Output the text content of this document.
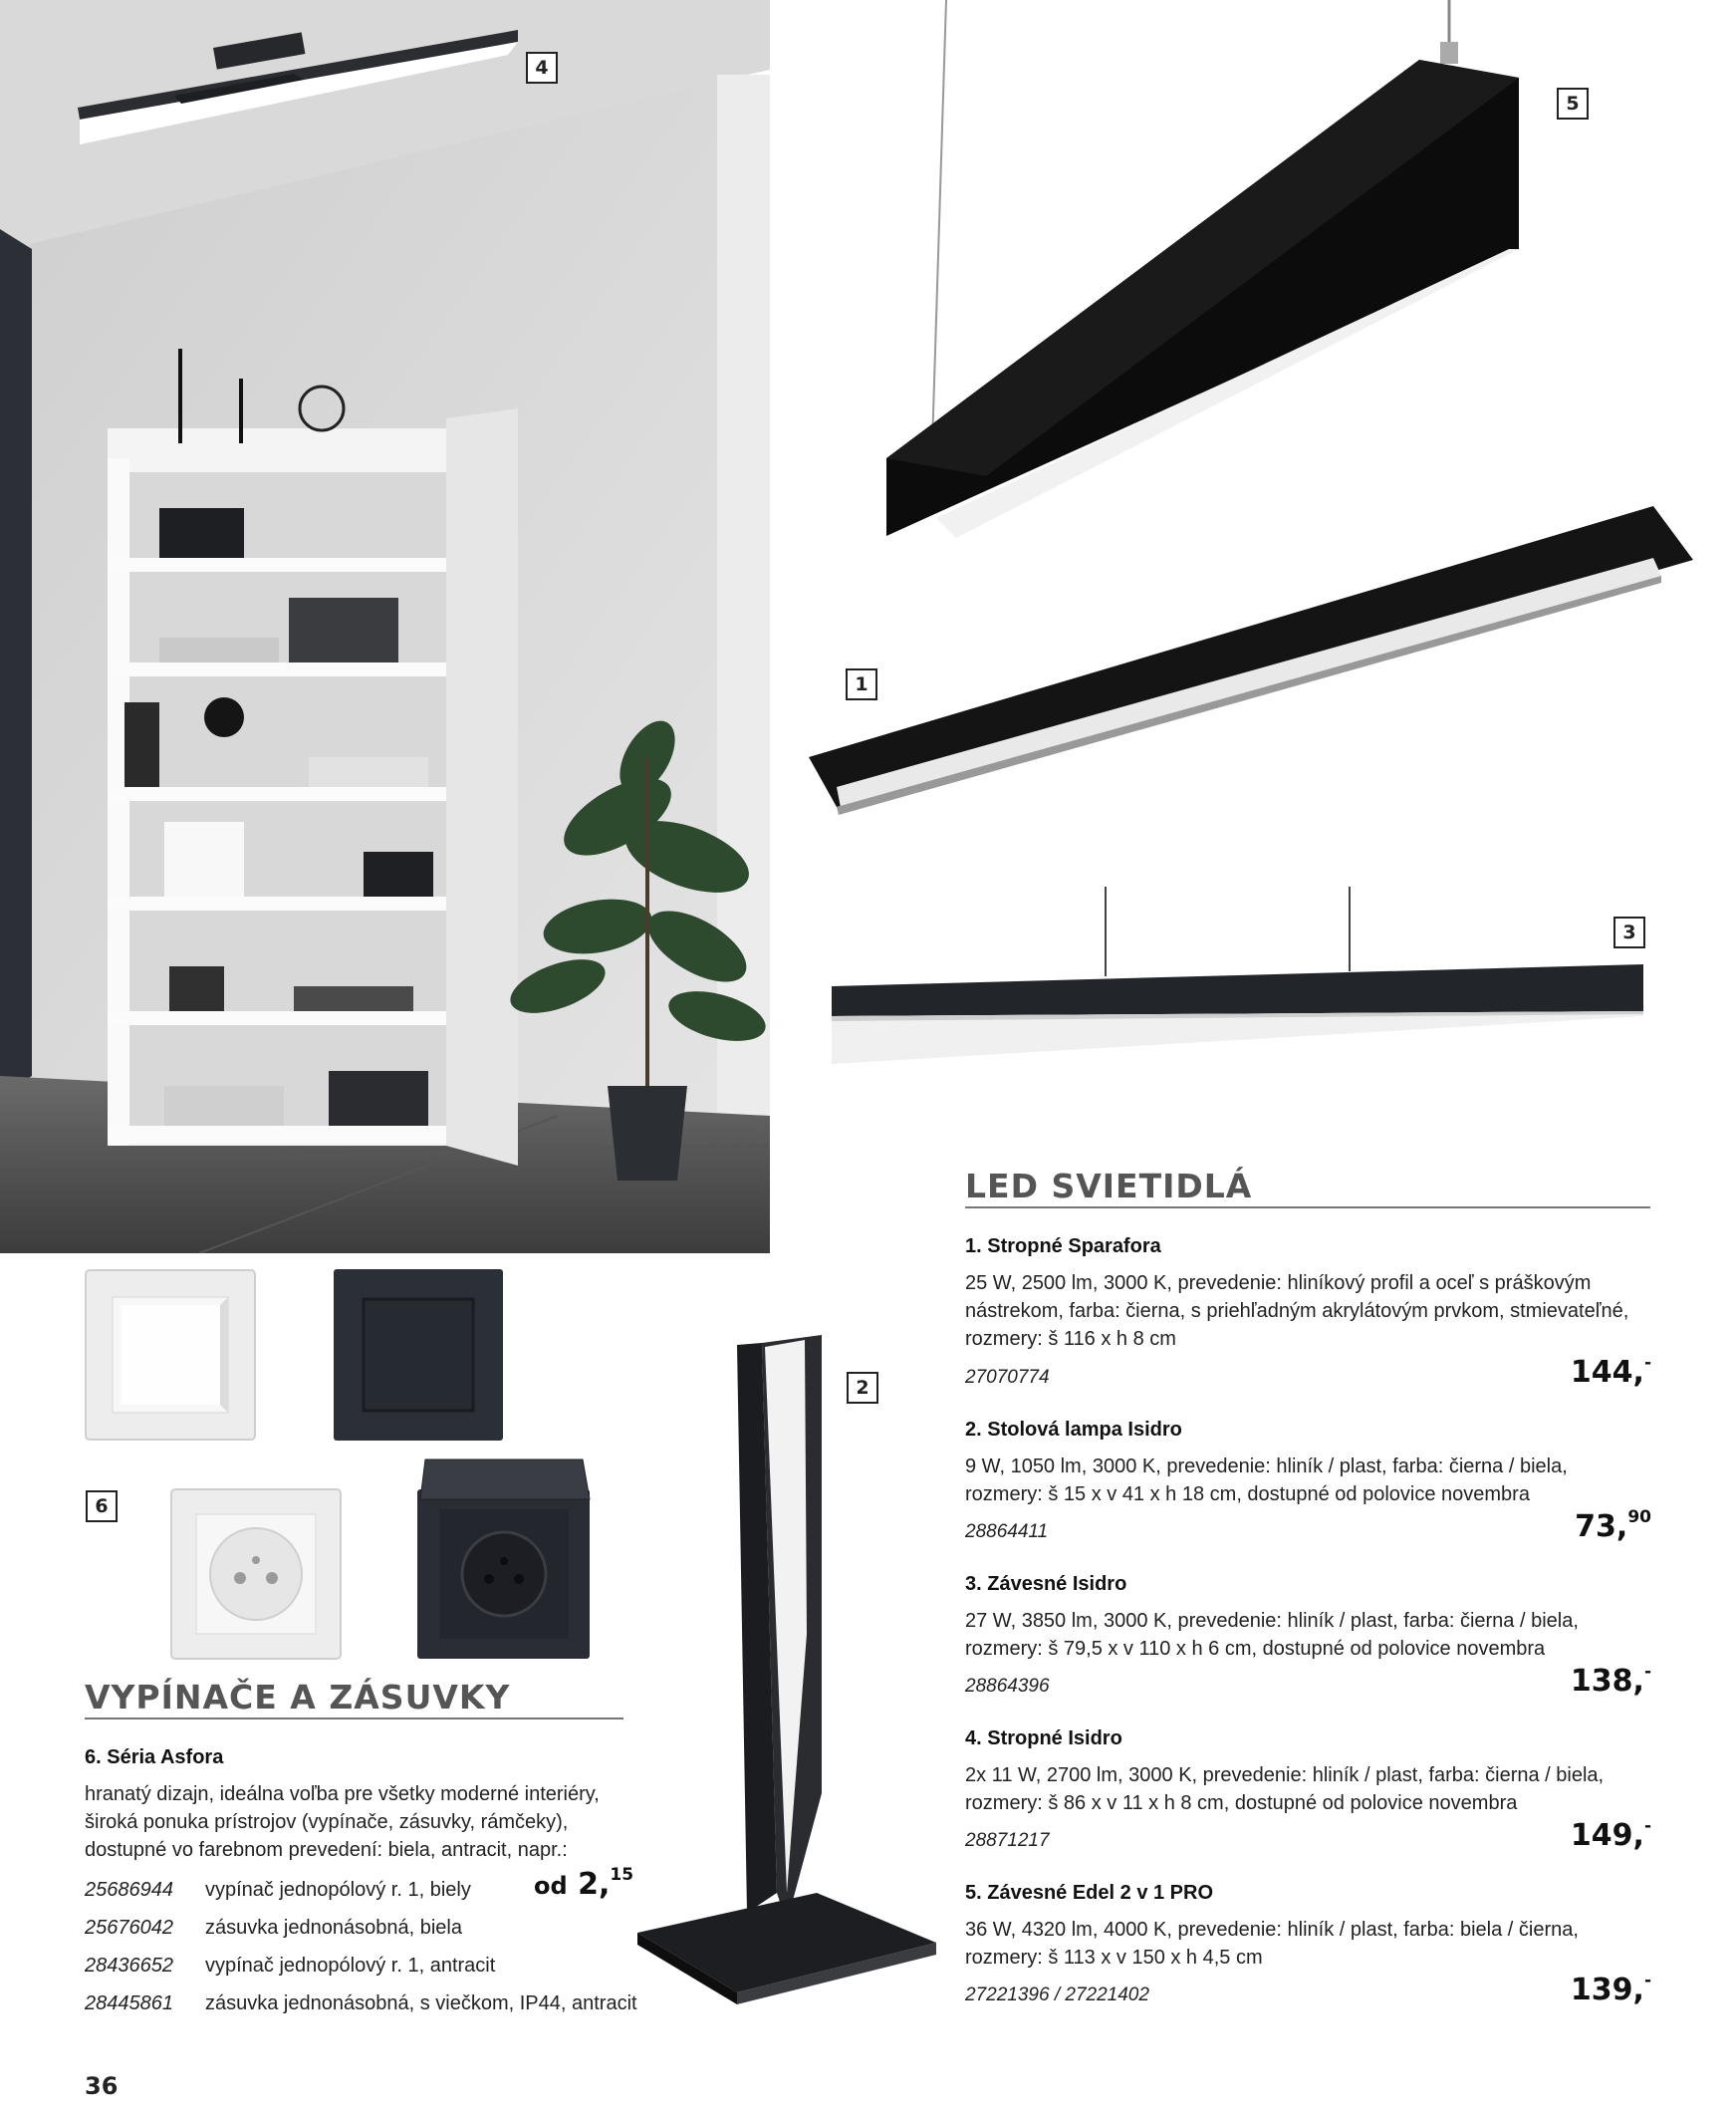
4
5
1
3
2
6
LED SVIETIDLÁ
1. Stropné Sparafora
25 W, 2500 lm, 3000 K, prevedenie: hliníkový profil a oceľ s práškovým
nástrekom, farba: čierna, s priehľadným akrylátovým prvkom, stmievateľné,
rozmery: š 116 x h 8 cm
27070774	144,-
2. Stolová lampa Isidro
9 W, 1050 lm, 3000 K, prevedenie: hliník / plast, farba: čierna / biela,
rozmery: š 15 x v 41 x h 18 cm, dostupné od polovice novembra
28864411	73,90
3. Závesné Isidro
27 W, 3850 lm, 3000 K, prevedenie: hliník / plast, farba: čierna / biela,
rozmery: š 79,5 x v 110 x h 6 cm, dostupné od polovice novembra
28864396	138,-
4. Stropné Isidro
2x 11 W, 2700 lm, 3000 K, prevedenie: hliník / plast, farba: čierna / biela,
rozmery: š 86 x v 11 x h 8 cm, dostupné od polovice novembra
28871217	149,-
5. Závesné Edel 2 v 1 PRO
36 W, 4320 lm, 4000 K, prevedenie: hliník / plast, farba: biela / čierna,
rozmery: š 113 x v 150 x h 4,5 cm
27221396 / 27221402	139,-
VYPÍNAČE A ZÁSUVKY
6. Séria Asfora
hranatý dizajn, ideálna voľba pre všetky moderné interiéry,
široká ponuka prístrojov (vypínače, zásuvky, rámčeky),
dostupné vo farebnom prevedení: biela, antracit, napr.:
25686944 vypínač jednopólový r. 1, biely	od 2,15
25676042 zásuvka jednonásobná, biela
28436652 vypínač jednopólový r. 1, antracit
28445861 zásuvka jednonásobná, s viečkom, IP44, antracit
36
